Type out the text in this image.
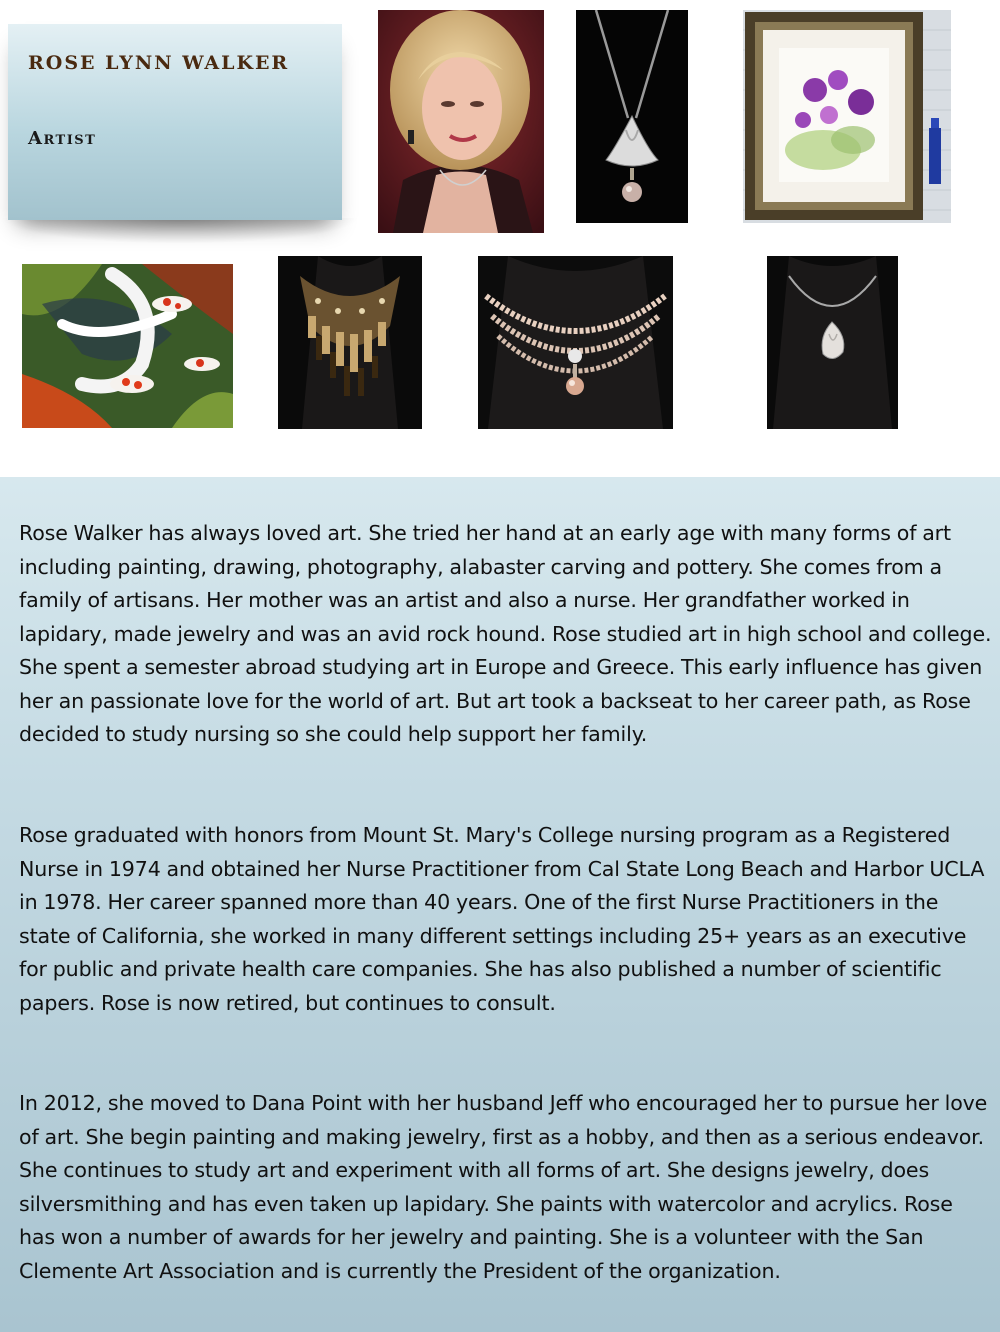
ROSE LYNN WALKER
Artist

Rose Walker has always loved art. She tried her hand at an early age with many forms of art including painting, drawing, photography, alabaster carving and pottery. She comes from a family of artisans. Her mother was an artist and also a nurse. Her grandfather worked in lapidary, made jewelry and was an avid rock hound. Rose studied art in high school and college. She spent a semester abroad studying art in Europe and Greece. This early influence has given her an passionate love for the world of art. But art took a backseat to her career path, as Rose decided to study nursing so she could help support her family.

Rose graduated with honors from Mount St. Mary's College nursing program as a Registered Nurse in 1974 and obtained her Nurse Practitioner from Cal State Long Beach and Harbor UCLA in 1978. Her career spanned more than 40 years. One of the first Nurse Practitioners in the state of California, she worked in many different settings including 25+ years as an executive for public and private health care companies. She has also published a number of scientific papers. Rose is now retired, but continues to consult.

In 2012, she moved to Dana Point with her husband Jeff who encouraged her to pursue her love of art. She begin painting and making jewelry, first as a hobby, and then as a serious endeavor. She continues to study art and experiment with all forms of art. She designs jewelry, does silversmithing and has even taken up lapidary. She paints with watercolor and acrylics. Rose has won a number of awards for her jewelry and painting. She is a volunteer with the San Clemente Art Association and is currently the President of the organization.
